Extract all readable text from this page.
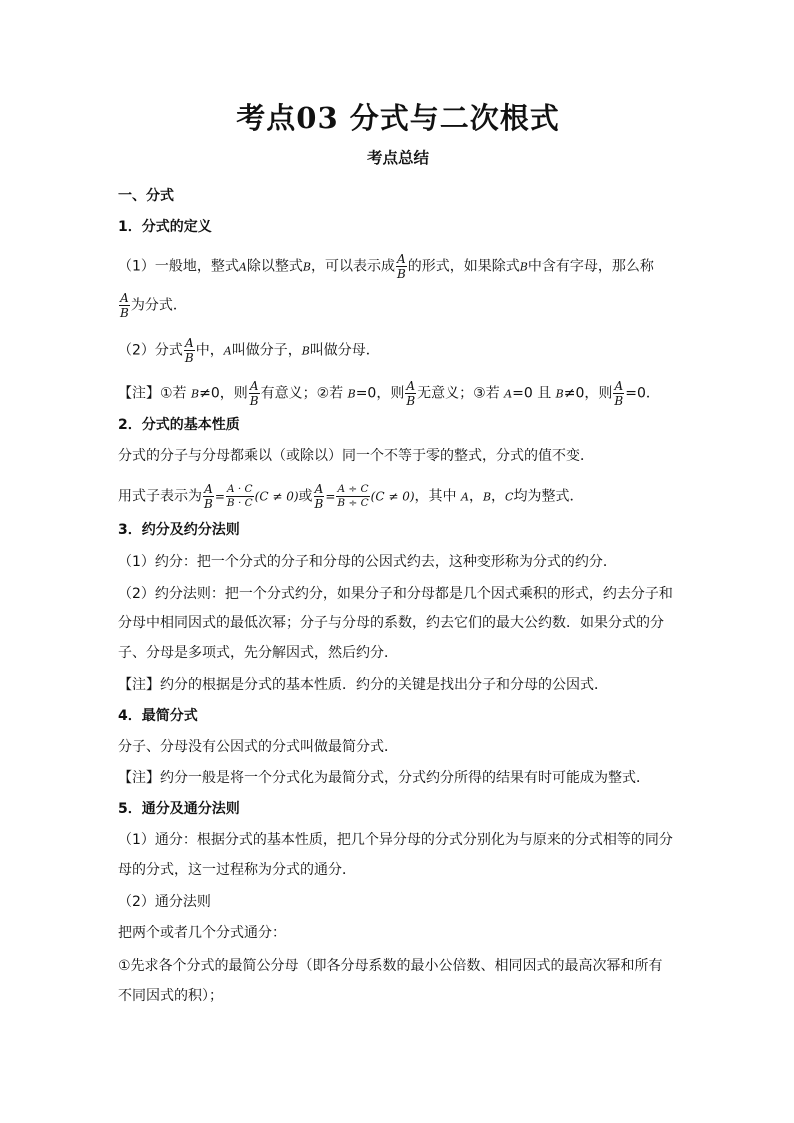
考点03 分式与二次根式
考点总结
一、分式
1．分式的定义
（1）一般地，整式A除以整式B，可以表示成 $\frac{A}{B}$ 的形式，如果除式B中含有字母，那么称
$\frac{A}{B}$ 为分式．
（2）分式 $\frac{A}{B}$ 中，A叫做分子，B叫做分母．
【注】①若 B≠0，则 $\frac{A}{B}$ 有意义；②若 B=0，则 $\frac{A}{B}$ 无意义；③若 A=0 且 B≠0，则 $\frac{A}{B} =0$．
2．分式的基本性质
分式的分子与分母都乘以（或除以）同一个不等于零的整式，分式的值不变．
用式子表示为 $\frac{A}{B} = \frac{A \cdot C}{B \cdot C} (C \ne 0)$或 $\frac{A}{B} = \frac{A \div C}{B \div C} (C \ne 0)$，其中 A，B，C均为整式．
3．约分及约分法则
（1）约分：把一个分式的分子和分母的公因式约去，这种变形称为分式的约分．
（2）约分法则：把一个分式约分，如果分子和分母都是几个因式乘积的形式，约去分子和
分母中相同因式的最低次幂；分子与分母的系数，约去它们的最大公约数．如果分式的分
子、分母是多项式，先分解因式，然后约分．
【注】约分的根据是分式的基本性质．约分的关键是找出分子和分母的公因式．
4．最简分式
分子、分母没有公因式的分式叫做最简分式．
【注】约分一般是将一个分式化为最简分式，分式约分所得的结果有时可能成为整式．
5．通分及通分法则
（1）通分：根据分式的基本性质，把几个异分母的分式分别化为与原来的分式相等的同分
母的分式，这一过程称为分式的通分．
（2）通分法则
把两个或者几个分式通分：
①先求各个分式的最简公分母（即各分母系数的最小公倍数、相同因式的最高次幂和所有
不同因式的积）；
